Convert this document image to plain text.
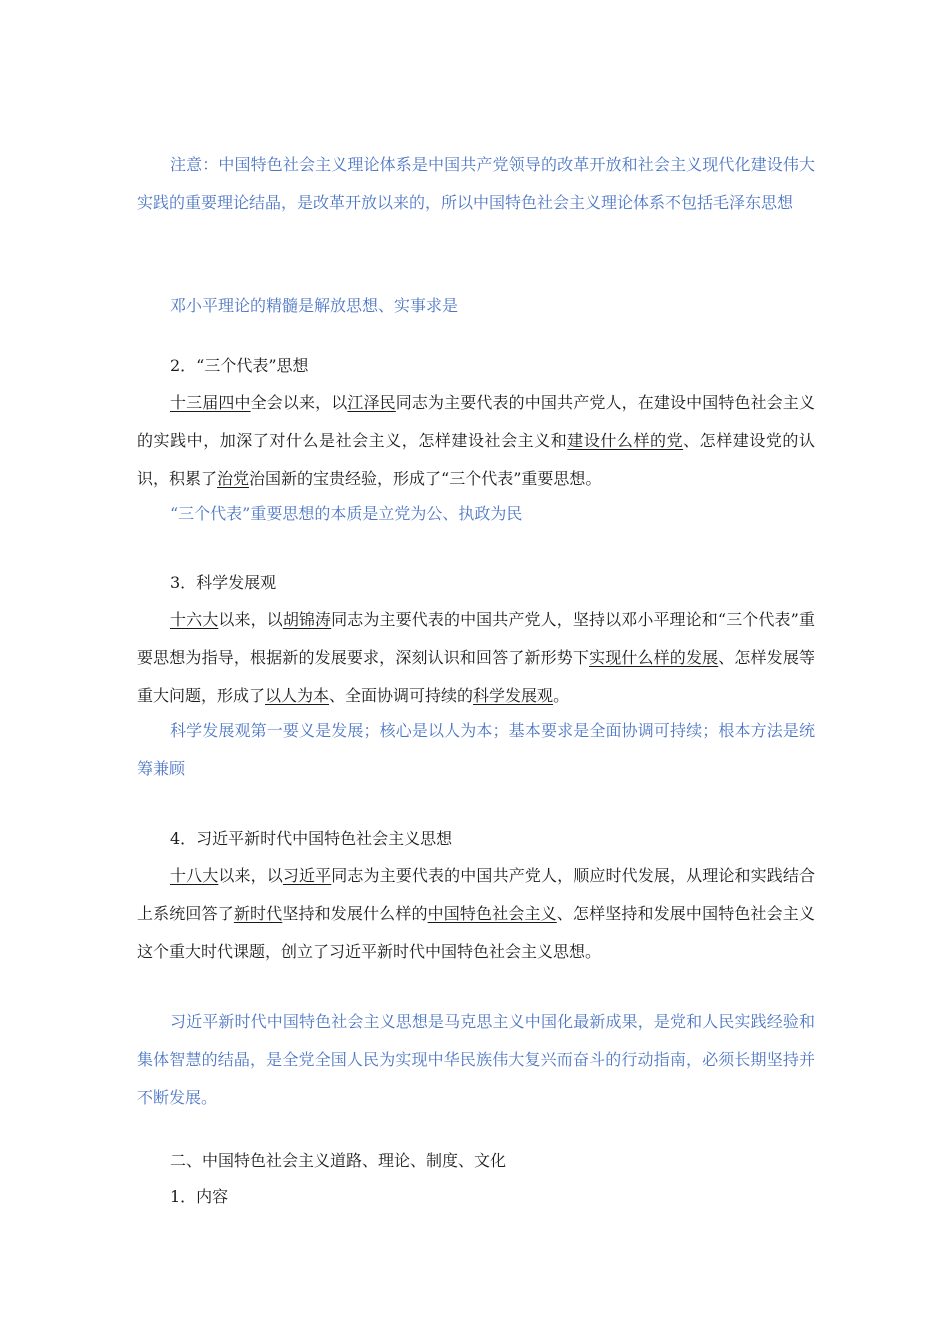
注意：中国特色社会主义理论体系是中国共产党领导的改革开放和社会主义现代化建设伟大实践的重要理论结晶，是改革开放以来的，所以中国特色社会主义理论体系不包括毛泽东思想

邓小平理论的精髓是解放思想、实事求是

2．“三个代表”思想

十三届四中全会以来，以江泽民同志为主要代表的中国共产党人，在建设中国特色社会主义的实践中，加深了对什么是社会主义，怎样建设社会主义和建设什么样的党、怎样建设党的认识，积累了治党治国新的宝贵经验，形成了“三个代表”重要思想。

“三个代表”重要思想的本质是立党为公、执政为民

3．科学发展观

十六大以来，以胡锦涛同志为主要代表的中国共产党人，坚持以邓小平理论和“三个代表”重要思想为指导，根据新的发展要求，深刻认识和回答了新形势下实现什么样的发展、怎样发展等重大问题，形成了以人为本、全面协调可持续的科学发展观。

科学发展观第一要义是发展；核心是以人为本；基本要求是全面协调可持续；根本方法是统筹兼顾

4．习近平新时代中国特色社会主义思想

十八大以来，以习近平同志为主要代表的中国共产党人，顺应时代发展，从理论和实践结合上系统回答了新时代坚持和发展什么样的中国特色社会主义、怎样坚持和发展中国特色社会主义这个重大时代课题，创立了习近平新时代中国特色社会主义思想。

习近平新时代中国特色社会主义思想是马克思主义中国化最新成果，是党和人民实践经验和集体智慧的结晶，是全党全国人民为实现中华民族伟大复兴而奋斗的行动指南，必须长期坚持并不断发展。

二、中国特色社会主义道路、理论、制度、文化

1．内容
